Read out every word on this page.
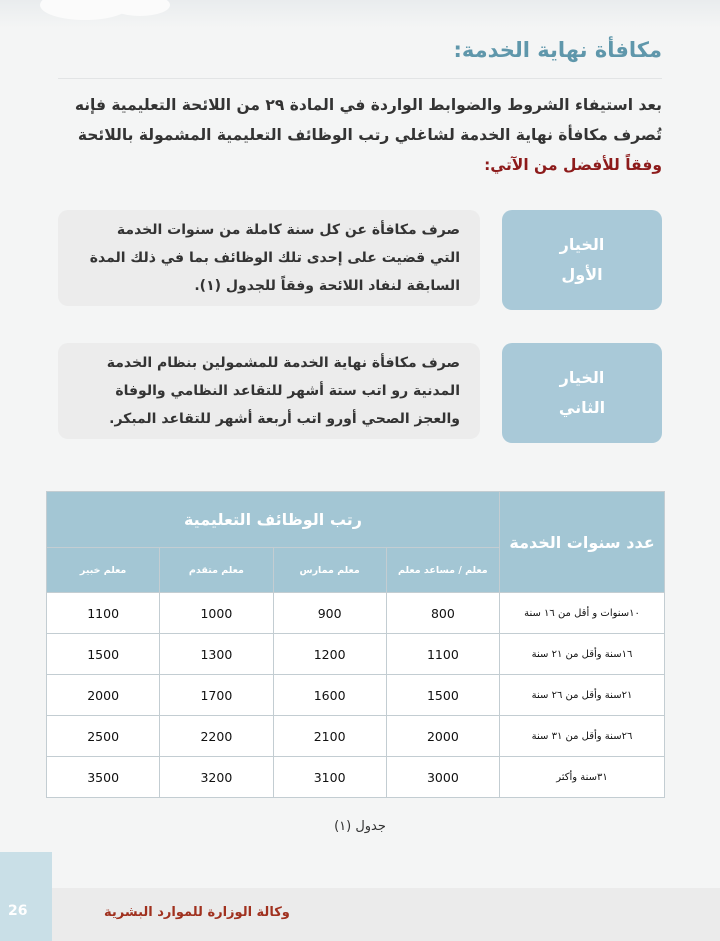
مكافأة نهاية الخدمة:
بعد استيفاء الشروط والضوابط الواردة في المادة ٢٩ من اللائحة التعليمية فإنه
تُصرف مكافأة نهاية الخدمة لشاغلي رتب الوظائف التعليمية المشمولة باللائحة
وفقاً للأفضل من الآتي:
صرف مكافأة عن كل سنة كاملة من سنوات الخدمة
التي قضيت على إحدى تلك الوظائف بما في ذلك المدة
السابقة لنفاد اللائحة وفقاً للجدول (١).
الخيار
الأول
صرف مكافأة نهاية الخدمة للمشمولين بنظام الخدمة
المدنية رو اتب ستة أشهر للتقاعد النظامي والوفاة
والعجز الصحي أورو اتب أربعة أشهر للتقاعد المبكر.
الخيار
الثاني
عدد سنوات الخدمة	رتب الوظائف التعليمية			
	معلم / مساعد معلم	معلم ممارس	معلم متقدم	معلم خبير
١٠سنوات و أقل من ١٦ سنة	800	900	1000	1100
١٦سنة وأقل من ٢١ سنة	1100	1200	1300	1500
٢١سنة وأقل من ٢٦ سنة	1500	1600	1700	2000
٢٦سنة وأقل من ٣١ سنة	2000	2100	2200	2500
٣١سنة وأكثر	3000	3100	3200	3500
جدول (١)
26	وكالة الوزارة للموارد البشرية
